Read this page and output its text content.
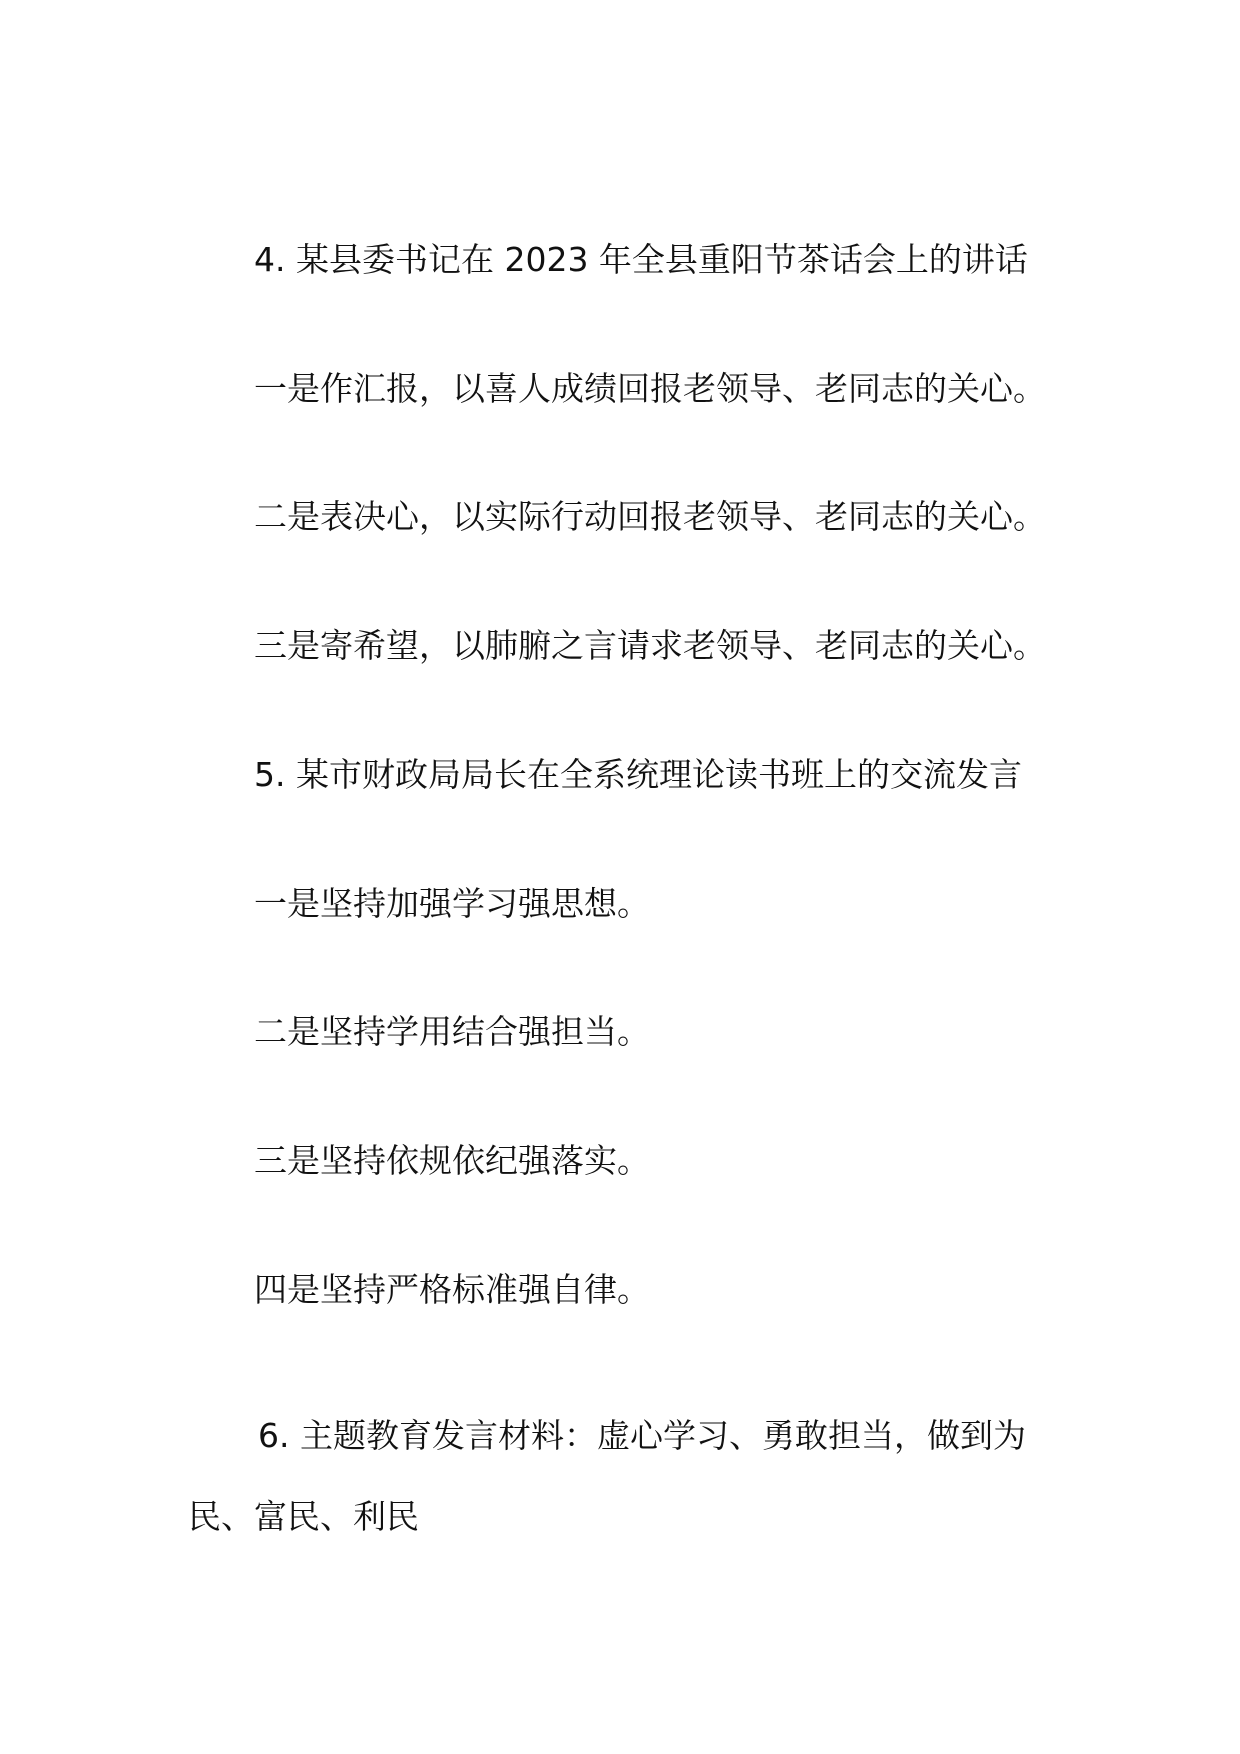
4. 某县委书记在 2023 年全县重阳节茶话会上的讲话
一是作汇报，以喜人成绩回报老领导、老同志的关心。
二是表决心，以实际行动回报老领导、老同志的关心。
三是寄希望，以肺腑之言请求老领导、老同志的关心。
5. 某市财政局局长在全系统理论读书班上的交流发言
一是坚持加强学习强思想。
二是坚持学用结合强担当。
三是坚持依规依纪强落实。
四是坚持严格标准强自律。
6. 主题教育发言材料：虚心学习、勇敢担当，做到为民、富民、利民
